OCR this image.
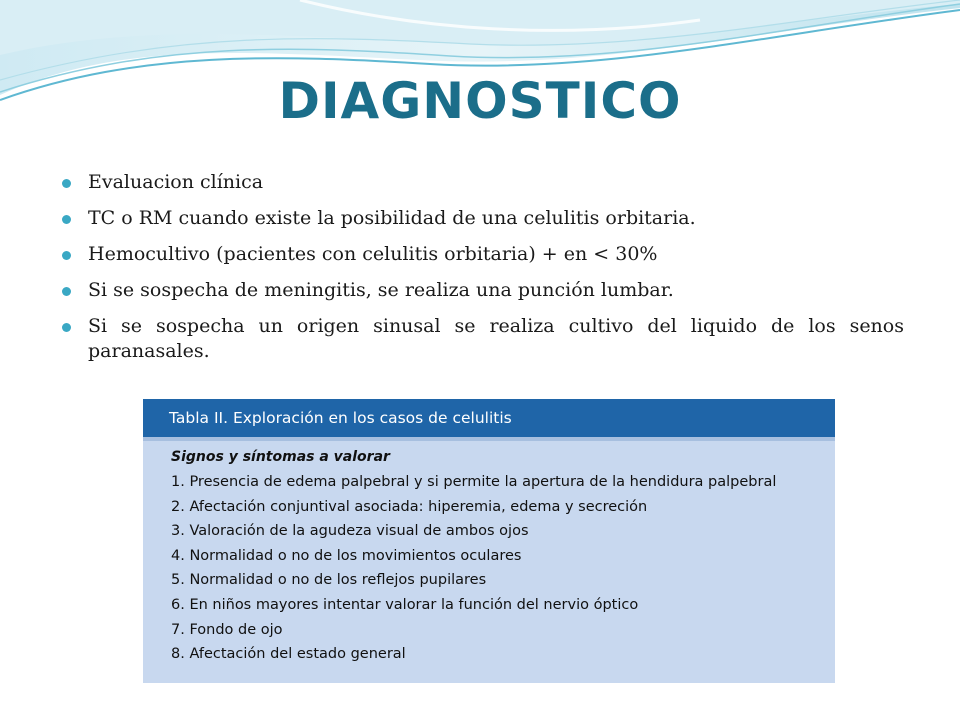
DIAGNOSTICO
Evaluacion clínica
TC o RM cuando existe la posibilidad de una celulitis orbitaria.
Hemocultivo (pacientes con celulitis orbitaria) + en < 30%
Si se sospecha de meningitis, se realiza una punción lumbar.
Si se sospecha un origen sinusal se realiza cultivo del liquido de los senos paranasales.
Tabla II. Exploración en los casos de celulitis
Signos y síntomas a valorar
1. Presencia de edema palpebral y si permite la apertura de la hendidura palpebral
2. Afectación conjuntival asociada: hiperemia, edema y secreción
3. Valoración de la agudeza visual de ambos ojos
4. Normalidad o no de los movimientos oculares
5. Normalidad o no de los reflejos pupilares
6. En niños mayores intentar valorar la función del nervio óptico
7. Fondo de ojo
8. Afectación del estado general
